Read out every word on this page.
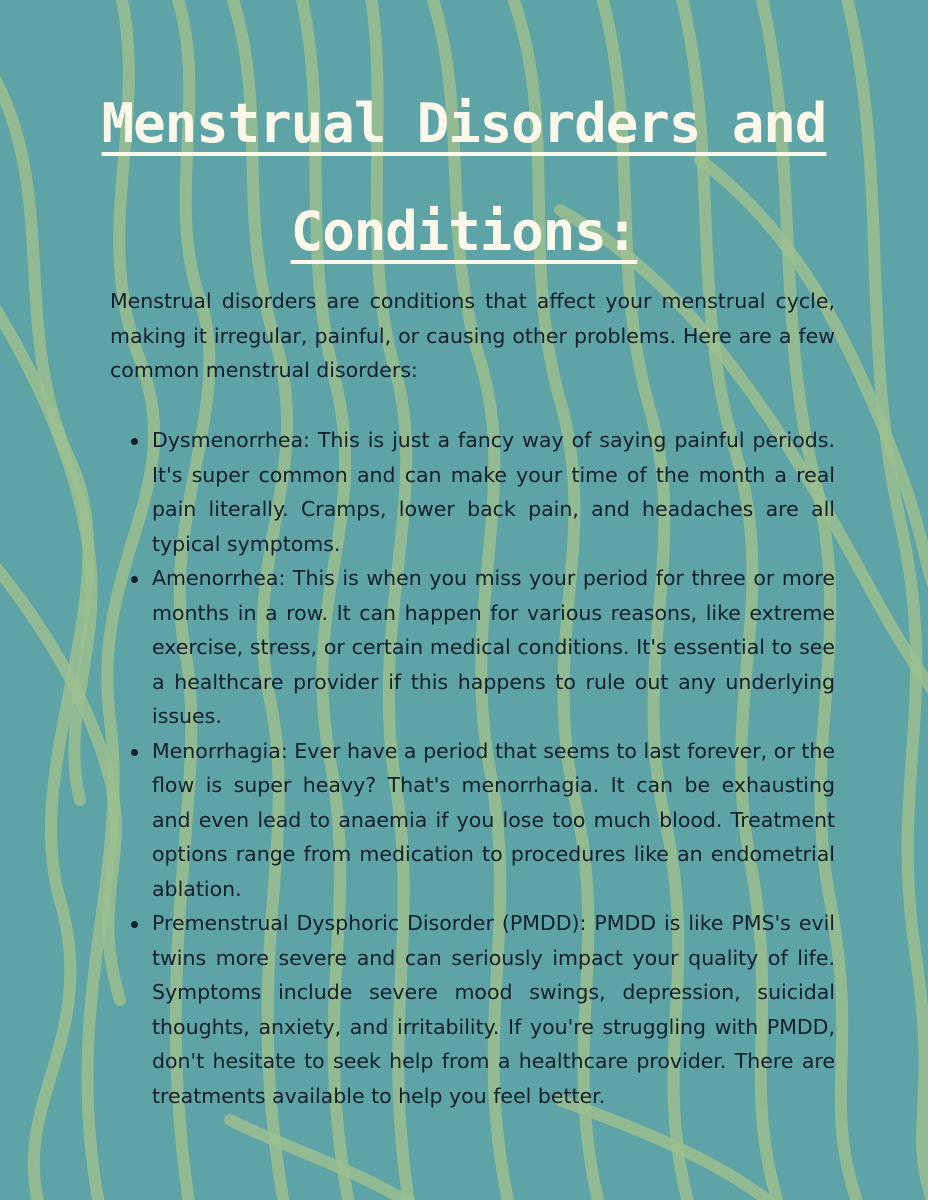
Menstrual Disorders and
Conditions:

Menstrual disorders are conditions that affect your menstrual cycle, making it irregular, painful, or causing other problems. Here are a few common menstrual disorders:

Dysmenorrhea: This is just a fancy way of saying painful periods. It's super common and can make your time of the month a real pain literally. Cramps, lower back pain, and headaches are all typical symptoms.
Amenorrhea: This is when you miss your period for three or more months in a row. It can happen for various reasons, like extreme exercise, stress, or certain medical conditions. It's essential to see a healthcare provider if this happens to rule out any underlying issues.
Menorrhagia: Ever have a period that seems to last forever, or the flow is super heavy? That's menorrhagia. It can be exhausting and even lead to anaemia if you lose too much blood. Treatment options range from medication to procedures like an endometrial ablation.
Premenstrual Dysphoric Disorder (PMDD): PMDD is like PMS's evil twins more severe and can seriously impact your quality of life. Symptoms include severe mood swings, depression, suicidal thoughts, anxiety, and irritability. If you're struggling with PMDD, don't hesitate to seek help from a healthcare provider. There are treatments available to help you feel better.
